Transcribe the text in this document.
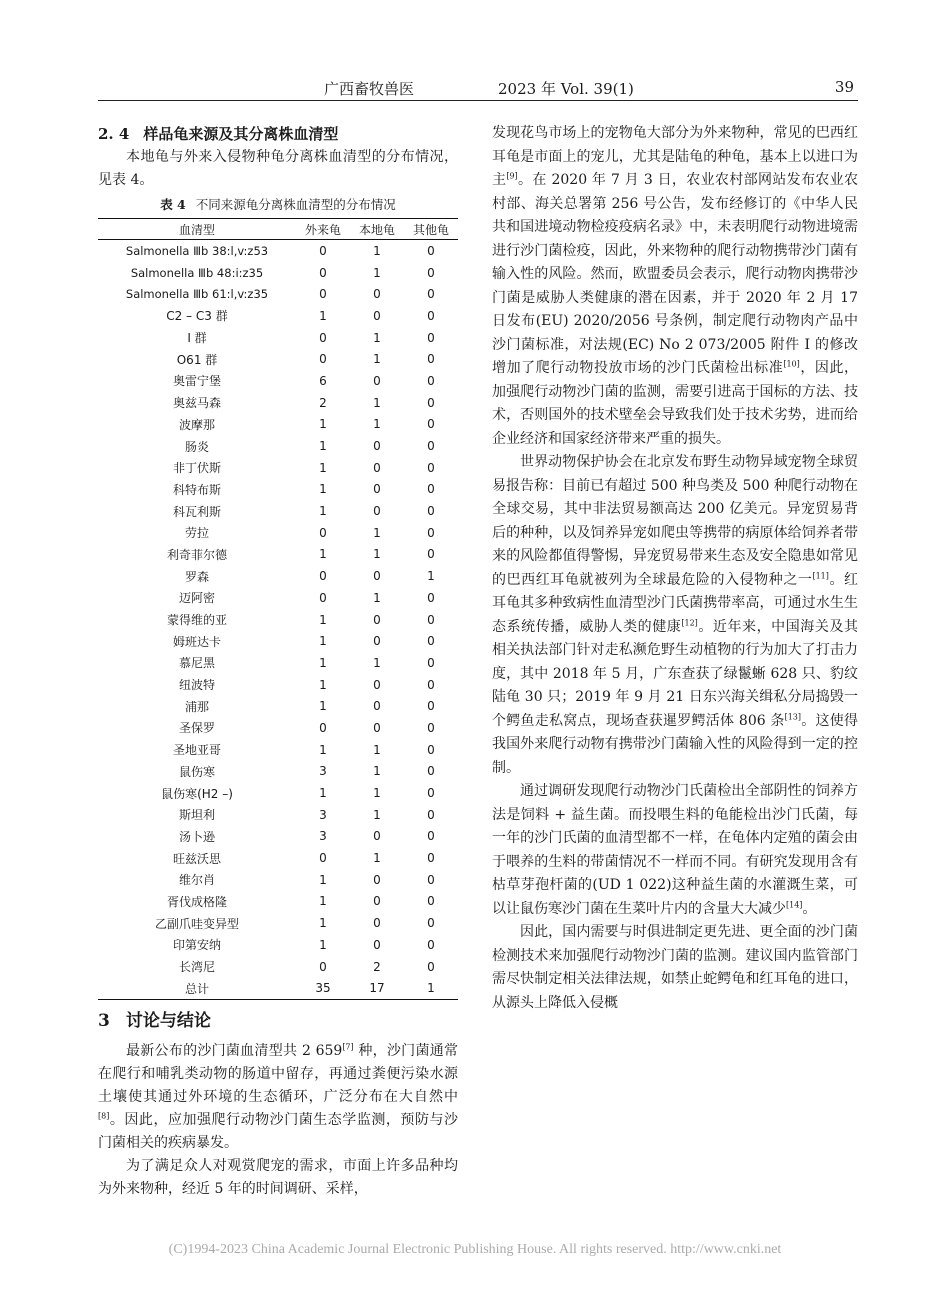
广西畜牧兽医	2023 年 Vol. 39(1)	39
2. 4 样品龟来源及其分离株血清型

本地龟与外来入侵物种龟分离株血清型的分布情况，见表 4。

表 4 不同来源龟分离株血清型的分布情况
血清型	外来龟	本地龟	其他龟
Salmonella Ⅲb 38:l,v:z53	0	1	0
Salmonella Ⅲb 48:i:z35	0	1	0
Salmonella Ⅲb 61:l,v:z35	0	0	0
C2 – C3 群	1	0	0
I 群	0	1	0
O61 群	0	1	0
奥雷宁堡	6	0	0
奥兹马森	2	1	0
波摩那	1	1	0
肠炎	1	0	0
非丁伏斯	1	0	0
科特布斯	1	0	0
科瓦利斯	1	0	0
劳拉	0	1	0
利奇菲尔德	1	1	0
罗森	0	0	1
迈阿密	0	1	0
蒙得维的亚	1	0	0
姆班达卡	1	0	0
慕尼黑	1	1	0
纽波特	1	0	0
浦那	1	0	0
圣保罗	0	0	0
圣地亚哥	1	1	0
鼠伤寒	3	1	0
鼠伤寒(H2 –)	1	1	0
斯坦利	3	1	0
汤卜逊	3	0	0
旺兹沃思	0	1	0
维尔肖	1	0	0
胥伐成格隆	1	0	0
乙副爪哇变异型	1	0	0
印第安纳	1	0	0
长湾尼	0	2	0
总计	35	17	1
3 讨论与结论

最新公布的沙门菌血清型共 2 659[7] 种，沙门菌通常在爬行和哺乳类动物的肠道中留存，再通过粪便污染水源土壤使其通过外环境的生态循环，广泛分布在大自然中[8]。因此，应加强爬行动物沙门菌生态学监测，预防与沙门菌相关的疾病暴发。

为了满足众人对观赏爬宠的需求，市面上许多品种均为外来物种，经近 5 年的时间调研、采样，

发现花鸟市场上的宠物龟大部分为外来物种，常见的巴西红耳龟是市面上的宠儿，尤其是陆龟的种龟，基本上以进口为主[9]。在 2020 年 7 月 3 日，农业农村部网站发布农业农村部、海关总署第 256 号公告，发布经修订的《中华人民共和国进境动物检疫疫病名录》中，未表明爬行动物进境需进行沙门菌检疫，因此，外来物种的爬行动物携带沙门菌有输入性的风险。然而，欧盟委员会表示，爬行动物肉携带沙门菌是威胁人类健康的潜在因素，并于 2020 年 2 月 17 日发布(EU) 2020/2056 号条例，制定爬行动物肉产品中沙门菌标准，对法规(EC) No 2 073/2005 附件 I 的修改增加了爬行动物投放市场的沙门氏菌检出标准[10]，因此，加强爬行动物沙门菌的监测，需要引进高于国标的方法、技术，否则国外的技术壁垒会导致我们处于技术劣势，进而给企业经济和国家经济带来严重的损失。

世界动物保护协会在北京发布野生动物异域宠物全球贸易报告称：目前已有超过 500 种鸟类及 500 种爬行动物在全球交易，其中非法贸易额高达 200 亿美元。异宠贸易背后的种种，以及饲养异宠如爬虫等携带的病原体给饲养者带来的风险都值得警惕，异宠贸易带来生态及安全隐患如常见的巴西红耳龟就被列为全球最危险的入侵物种之一[11]。红耳龟其多种致病性血清型沙门氏菌携带率高，可通过水生生态系统传播，威胁人类的健康[12]。近年来，中国海关及其相关执法部门针对走私濒危野生动植物的行为加大了打击力度，其中 2018 年 5 月，广东查获了绿鬣蜥 628 只、豹纹陆龟 30 只；2019 年 9 月 21 日东兴海关缉私分局捣毁一个鳄鱼走私窝点，现场查获暹罗鳄活体 806 条[13]。这使得我国外来爬行动物有携带沙门菌输入性的风险得到一定的控制。

通过调研发现爬行动物沙门氏菌检出全部阴性的饲养方法是饲料 + 益生菌。而投喂生料的龟能检出沙门氏菌，每一年的沙门氏菌的血清型都不一样，在龟体内定殖的菌会由于喂养的生料的带菌情况不一样而不同。有研究发现用含有枯草芽孢杆菌的(UD 1 022)这种益生菌的水灌溉生菜，可以让鼠伤寒沙门菌在生菜叶片内的含量大大减少[14]。

因此，国内需要与时俱进制定更先进、更全面的沙门菌检测技术来加强爬行动物沙门菌的监测。建议国内监管部门需尽快制定相关法律法规，如禁止蛇鳄龟和红耳龟的进口，从源头上降低入侵概

(C)1994-2023 China Academic Journal Electronic Publishing House. All rights reserved. http://www.cnki.net
